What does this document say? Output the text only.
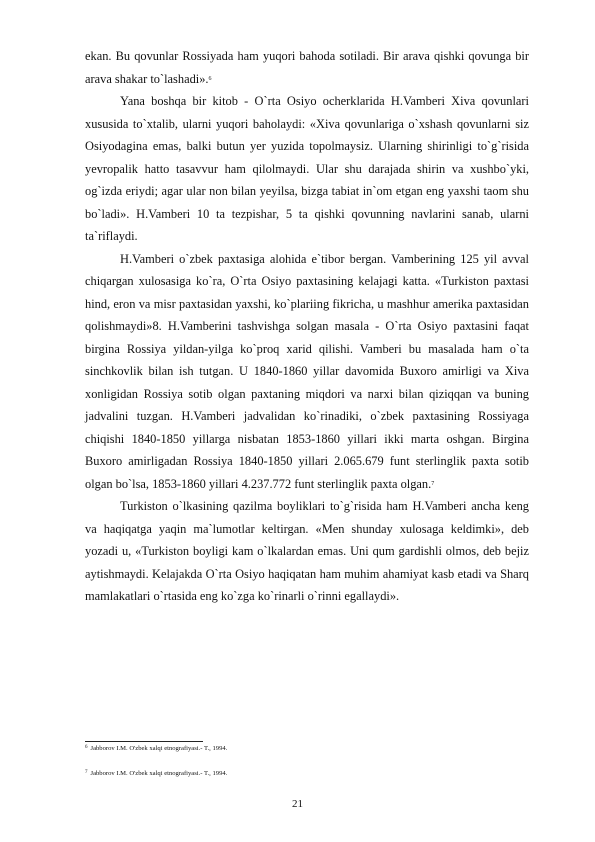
ekan. Bu qovunlar Rossiyada ham yuqori bahoda sotiladi. Bir arava qishki qovunga bir arava shakar to`lashadi».$^6$

Yana boshqa bir kitob - O`rta Osiyo ocherklarida H.Vamberi Xiva qovunlari xususida to`xtalib, ularni yuqori baholaydi: «Xiva qovunlariga o`xshash qovunlarni siz Osiyodagina emas, balki butun yer yuzida topolmaysiz. Ularning shirinligi to`g`risida yevropalik hatto tasavvur ham qilolmaydi. Ular shu darajada shirin va xushbo`yki, og`izda eriydi; agar ular non bilan yeyilsa, bizga tabiat in`om etgan eng yaxshi taom shu bo`ladi». H.Vamberi 10 ta tezpishar, 5 ta qishki qovunning navlarini sanab, ularni ta`riflaydi.

H.Vamberi o`zbek paxtasiga alohida e`tibor bergan. Vamberining 125 yil avval chiqargan xulosasiga ko`ra, O`rta Osiyo paxtasining kelajagi katta. «Turkiston paxtasi hind, eron va misr paxtasidan yaxshi, ko`plariing fikricha, u mashhur amerika paxtasidan qolishmaydi»8. H.Vamberini tashvishga solgan masala - O`rta Osiyo paxtasini faqat birgina Rossiya yildan-yilga ko`proq xarid qilishi. Vamberi bu masalada ham o`ta sinchkovlik bilan ish tutgan. U 1840-1860 yillar davomida Buxoro amirligi va Xiva xonligidan Rossiya sotib olgan paxtaning miqdori va narxi bilan qiziqqan va buning jadvalini tuzgan. H.Vamberi jadvalidan ko`rinadiki, o`zbek paxtasining Rossiyaga chiqishi 1840-1850 yillarga nisbatan 1853-1860 yillari ikki marta oshgan. Birgina Buxoro amirligadan Rossiya 1840-1850 yillari 2.065.679 funt sterlinglik paxta sotib olgan bo`lsa, 1853-1860 yillari 4.237.772 funt sterlinglik paxta olgan.$^7$

Turkiston o`lkasining qazilma boyliklari to`g`risida ham H.Vamberi ancha keng va haqiqatga yaqin ma`lumotlar keltirgan. «Men shunday xulosaga keldimki», deb yozadi u, «Turkiston boyligi kam o`lkalardan emas. Uni qum gardishli olmos, deb bejiz aytishmaydi. Kelajakda O`rta Osiyo haqiqatan ham muhim ahamiyat kasb etadi va Sharq mamlakatlari o`rtasida eng ko`zga ko`rinarli o`rinni egallaydi».

$^6$ Jabborov I.M. O'zbek xalqi etnografiyasi.- T., 1994.
$^7$ Jabborov I.M. O'zbek xalqi etnografiyasi.- T., 1994.
21
